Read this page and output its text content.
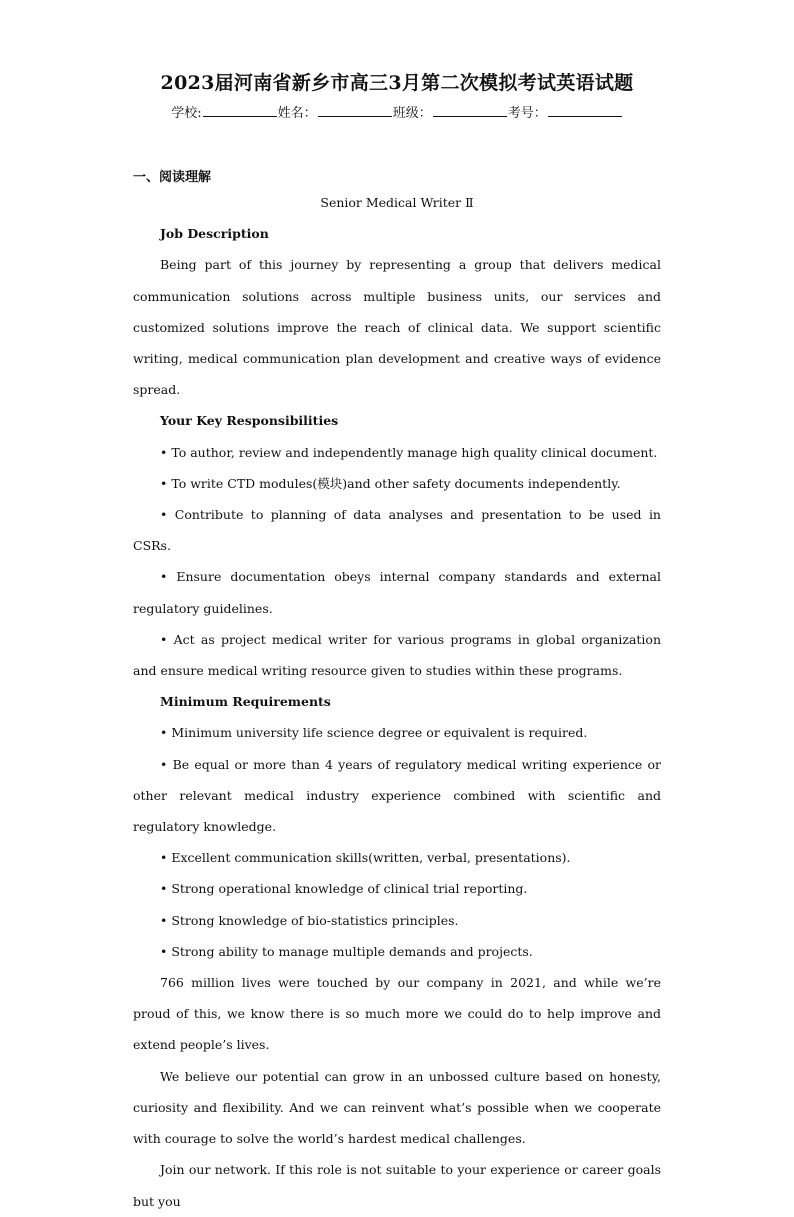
2023届河南省新乡市高三3月第二次模拟考试英语试题
学校:	姓名：	班级：	考号：
一、阅读理解

Senior Medical Writer Ⅱ

Job Description

Being part of this journey by representing a group that delivers medical communication solutions across multiple business units, our services and customized solutions improve the reach of clinical data. We support scientific writing, medical communication plan development and creative ways of evidence spread.

Your Key Responsibilities

• To author, review and independently manage high quality clinical document.

• To write CTD modules(模块)and other safety documents independently.

• Contribute to planning of data analyses and presentation to be used in CSRs.

• Ensure documentation obeys internal company standards and external regulatory guidelines.

• Act as project medical writer for various programs in global organization and ensure medical writing resource given to studies within these programs.

Minimum Requirements

• Minimum university life science degree or equivalent is required.

• Be equal or more than 4 years of regulatory medical writing experience or other relevant medical industry experience combined with scientific and regulatory knowledge.

• Excellent communication skills(written, verbal, presentations).

• Strong operational knowledge of clinical trial reporting.

• Strong knowledge of bio-statistics principles.

• Strong ability to manage multiple demands and projects.

766 million lives were touched by our company in 2021, and while we’re proud of this, we know there is so much more we could do to help improve and extend people’s lives.

We believe our potential can grow in an unbossed culture based on honesty, curiosity and flexibility. And we can reinvent what’s possible when we cooperate with courage to solve the world’s hardest medical challenges.

Join our network. If this role is not suitable to your experience or career goals but you
